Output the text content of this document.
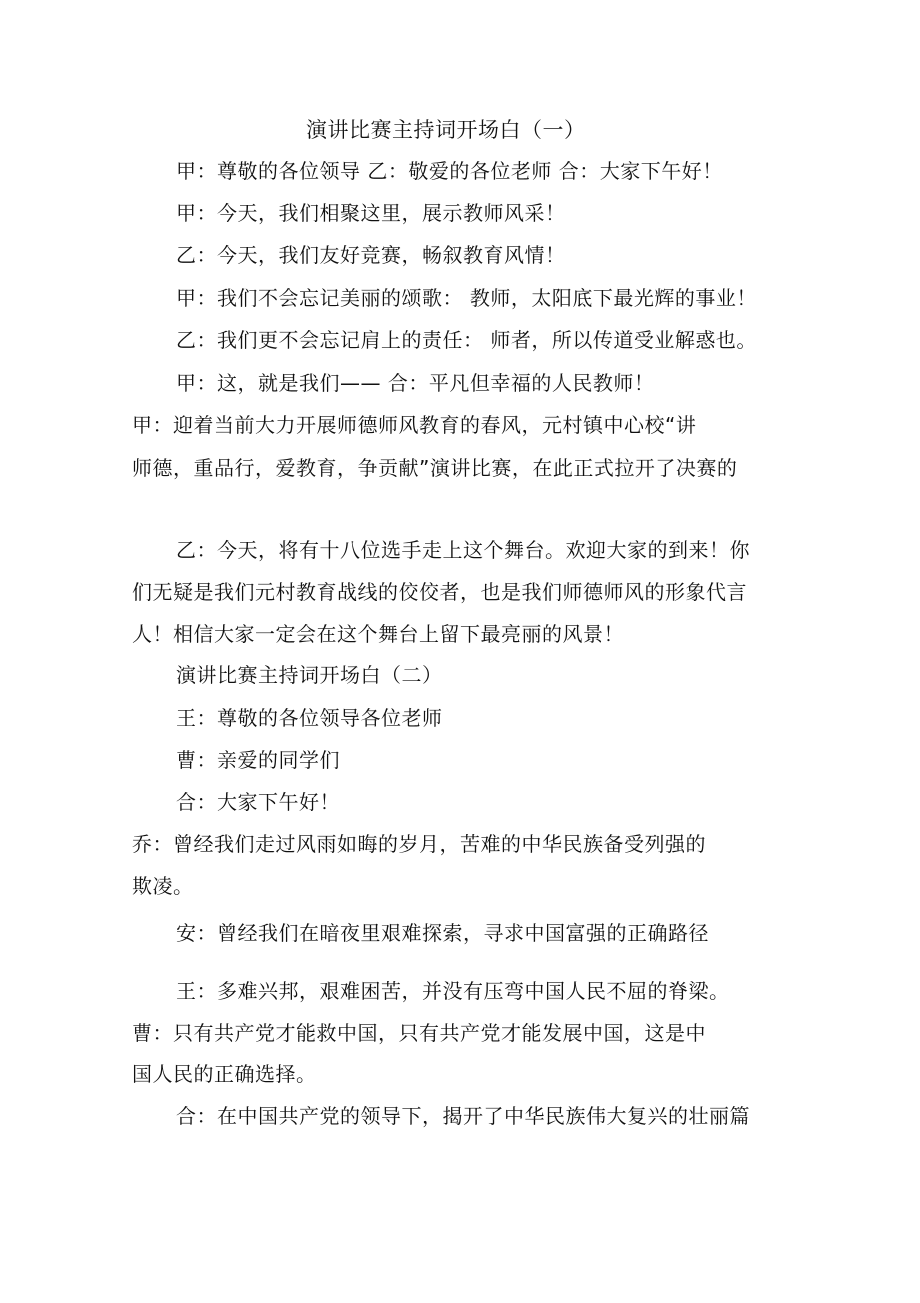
演讲比赛主持词开场白（一）
甲：尊敬的各位领导 乙：敬爱的各位老师 合：大家下午好！
甲：今天，我们相聚这里，展示教师风采！
乙：今天，我们友好竞赛，畅叙教育风情！
甲：我们不会忘记美丽的颂歌： 教师，太阳底下最光辉的事业！
乙：我们更不会忘记肩上的责任： 师者，所以传道受业解惑也。
甲：这，就是我们—— 合：平凡但幸福的人民教师！
甲：迎着当前大力开展师德师风教育的春风，元村镇中心校“讲
师德，重品行，爱教育，争贡献”演讲比赛，在此正式拉开了决赛的
乙：今天，将有十八位选手走上这个舞台。欢迎大家的到来！你
们无疑是我们元村教育战线的佼佼者，也是我们师德师风的形象代言
人！相信大家一定会在这个舞台上留下最亮丽的风景！
演讲比赛主持词开场白（二）
王：尊敬的各位领导各位老师
曹：亲爱的同学们
合：大家下午好！
乔：曾经我们走过风雨如晦的岁月，苦难的中华民族备受列强的
欺凌。
安：曾经我们在暗夜里艰难探索，寻求中国富强的正确路径
王：多难兴邦，艰难困苦，并没有压弯中国人民不屈的脊梁。
曹：只有共产党才能救中国，只有共产党才能发展中国，这是中
国人民的正确选择。
合：在中国共产党的领导下，揭开了中华民族伟大复兴的壮丽篇
